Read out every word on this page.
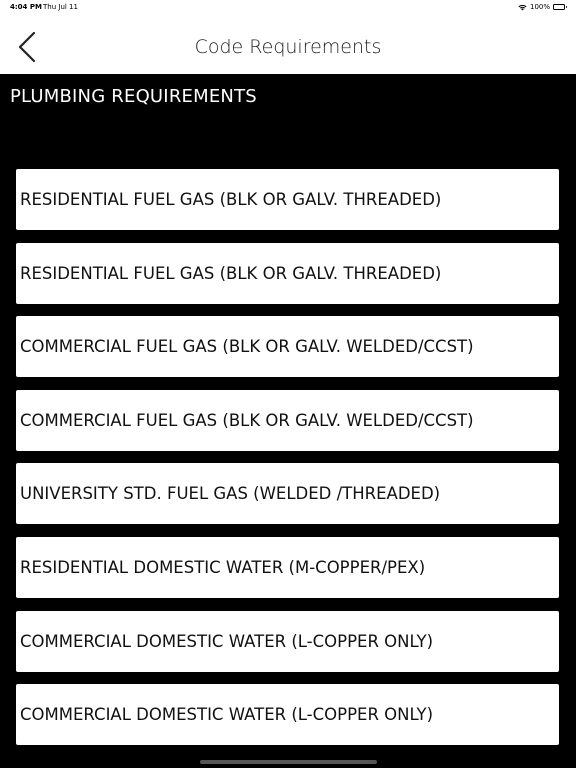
4:04 PM Thu Jul 11	100%
Code Requirements
PLUMBING REQUIREMENTS
RESIDENTIAL FUEL GAS (BLK OR GALV. THREADED)
RESIDENTIAL FUEL GAS (BLK OR GALV. THREADED)
COMMERCIAL FUEL GAS (BLK OR GALV. WELDED/CCST)
COMMERCIAL FUEL GAS (BLK OR GALV. WELDED/CCST)
UNIVERSITY STD. FUEL GAS (WELDED /THREADED)
RESIDENTIAL DOMESTIC WATER (M-COPPER/PEX)
COMMERCIAL DOMESTIC WATER (L-COPPER ONLY)
COMMERCIAL DOMESTIC WATER (L-COPPER ONLY)
